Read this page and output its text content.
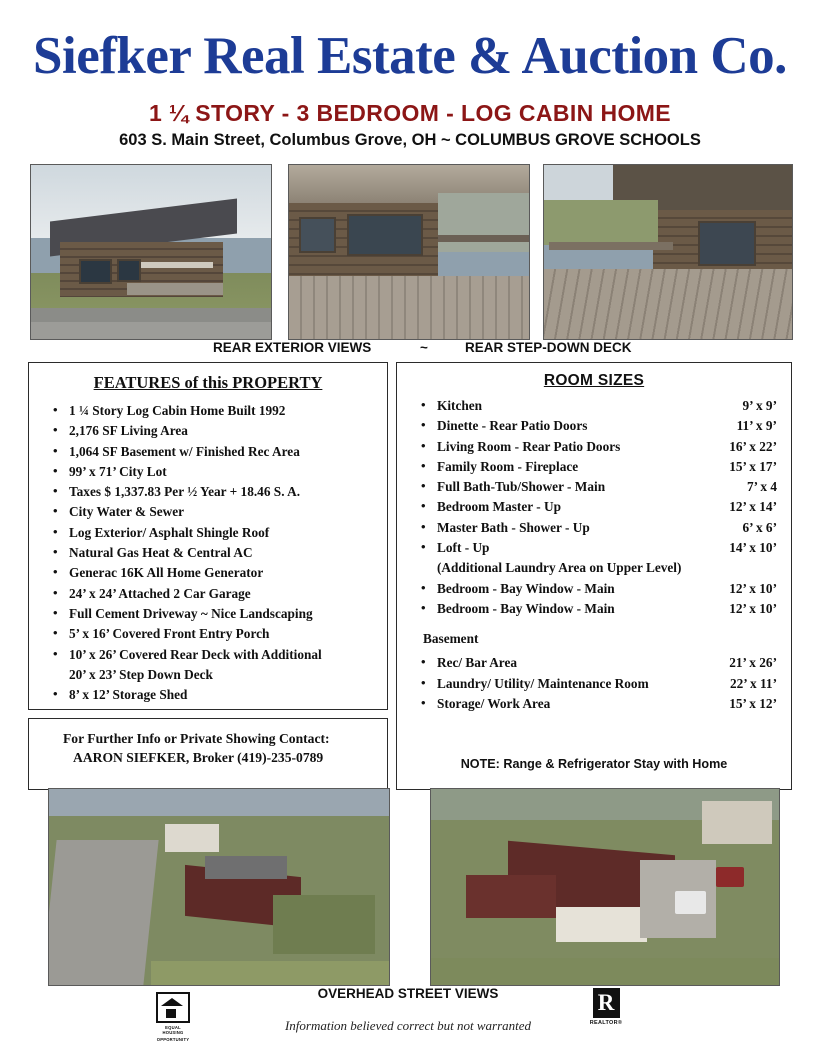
Siefker Real Estate & Auction Co.
1 ¼ STORY - 3 BEDROOM - LOG CABIN HOME
603 S. Main Street, Columbus Grove, OH ~ COLUMBUS GROVE SCHOOLS
REAR EXTERIOR VIEWS	~	REAR STEP-DOWN DECK
FEATURES of this PROPERTY
• 1 ¼ Story Log Cabin Home Built 1992
• 2,176 SF Living Area
• 1,064 SF Basement w/ Finished Rec Area
• 99’ x 71’ City Lot
• Taxes $ 1,337.83 Per ½ Year + 18.46 S. A.
• City Water & Sewer
• Log Exterior/ Asphalt Shingle Roof
• Natural Gas Heat & Central AC
• Generac 16K All Home Generator
• 24’ x 24’ Attached 2 Car Garage
• Full Cement Driveway ~ Nice Landscaping
• 5’ x 16’ Covered Front Entry Porch
• 10’ x 26’ Covered Rear Deck with Additional
20’ x 23’ Step Down Deck
• 8’ x 12’ Storage Shed
For Further Info or Private Showing Contact:
AARON SIEFKER, Broker (419)-235-0789
ROOM SIZES
• Kitchen	9’ x 9’
• Dinette - Rear Patio Doors	11’ x 9’
• Living Room - Rear Patio Doors	16’ x 22’
• Family Room - Fireplace	15’ x 17’
• Full Bath-Tub/Shower - Main	7’ x 4
• Bedroom Master - Up	12’ x 14’
• Master Bath - Shower - Up	6’ x 6’
• Loft - Up	14’ x 10’
(Additional Laundry Area on Upper Level)
• Bedroom - Bay Window - Main	12’ x 10’
• Bedroom - Bay Window - Main	12’ x 10’
Basement
• Rec/ Bar Area	21’ x 26’
• Laundry/ Utility/ Maintenance Room	22’ x 11’
• Storage/ Work Area	15’ x 12’
NOTE: Range & Refrigerator Stay with Home
OVERHEAD STREET VIEWS
EQUAL HOUSING
OPPORTUNITY
R
REALTOR®
Information believed correct but not warranted
